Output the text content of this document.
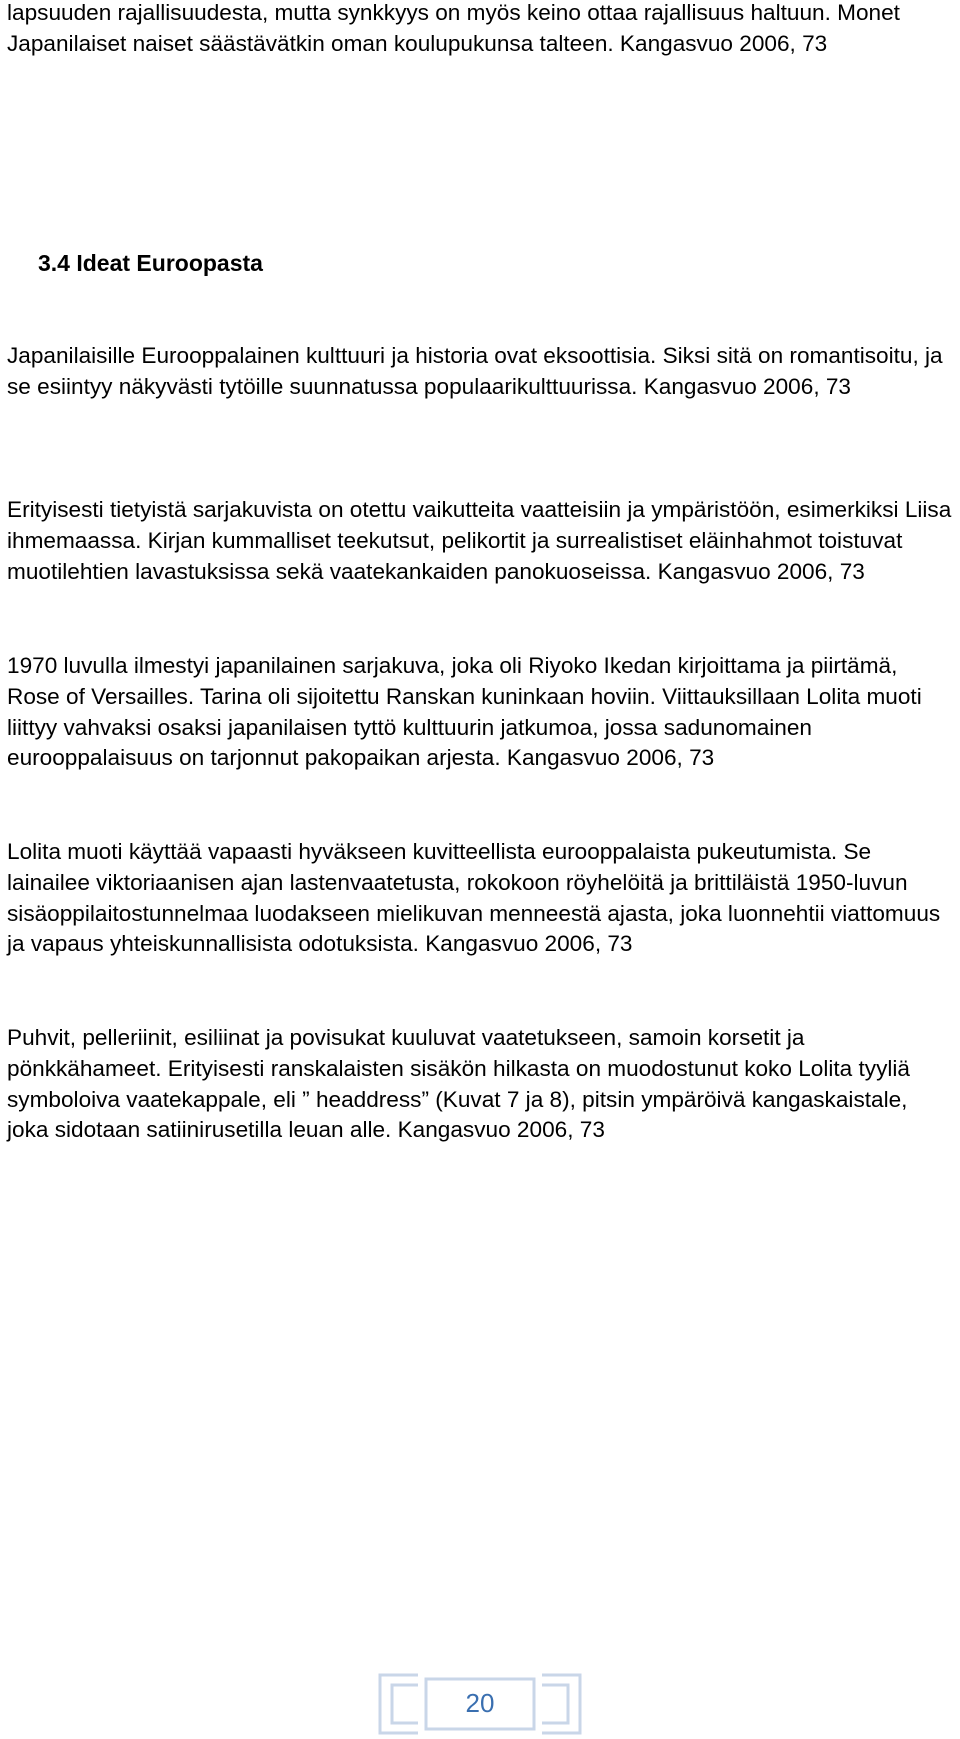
lapsuuden rajallisuudesta, mutta synkkyys on myös keino ottaa rajallisuus haltuun. Monet Japanilaiset naiset säästävätkin oman koulupukunsa talteen. Kangasvuo 2006, 73

3.4 Ideat Euroopasta

Japanilaisille Eurooppalainen kulttuuri ja historia ovat eksoottisia. Siksi sitä on romantisoitu, ja se esiintyy näkyvästi tytöille suunnatussa populaarikulttuurissa. Kangasvuo 2006, 73

Erityisesti tietyistä sarjakuvista on otettu vaikutteita vaatteisiin ja ympäristöön, esimerkiksi Liisa ihmemaassa. Kirjan kummalliset teekutsut, pelikortit ja surrealistiset eläinhahmot toistuvat muotilehtien lavastuksissa sekä vaatekankaiden panokuoseissa. Kangasvuo 2006, 73

1970 luvulla ilmestyi japanilainen sarjakuva, joka oli Riyoko Ikedan kirjoittama ja piirtämä, Rose of Versailles. Tarina oli sijoitettu Ranskan kuninkaan hoviin. Viittauksillaan Lolita muoti liittyy vahvaksi osaksi japanilaisen tyttö kulttuurin jatkumoa, jossa sadunomainen eurooppalaisuus on tarjonnut pakopaikan arjesta. Kangasvuo 2006, 73

Lolita muoti käyttää vapaasti hyväkseen kuvitteellista eurooppalaista pukeutumista. Se lainailee viktoriaanisen ajan lastenvaatetusta, rokokoon röyhelöitä ja brittiläistä 1950-luvun sisäoppilaitostunnelmaa luodakseen mielikuvan menneestä ajasta, joka luonnehtii viattomuus ja vapaus yhteiskunnallisista odotuksista. Kangasvuo 2006, 73

Puhvit, pelleriinit, esiliinat ja povisukat kuuluvat vaatetukseen, samoin korsetit ja pönkkähameet. Erityisesti ranskalaisten sisäkön hilkasta on muodostunut koko Lolita tyyliä symboloiva vaatekappale, eli ” headdress” (Kuvat 7 ja 8), pitsin ympäröivä kangaskaistale, joka sidotaan satiinirusetilla leuan alle. Kangasvuo 2006, 73

20
